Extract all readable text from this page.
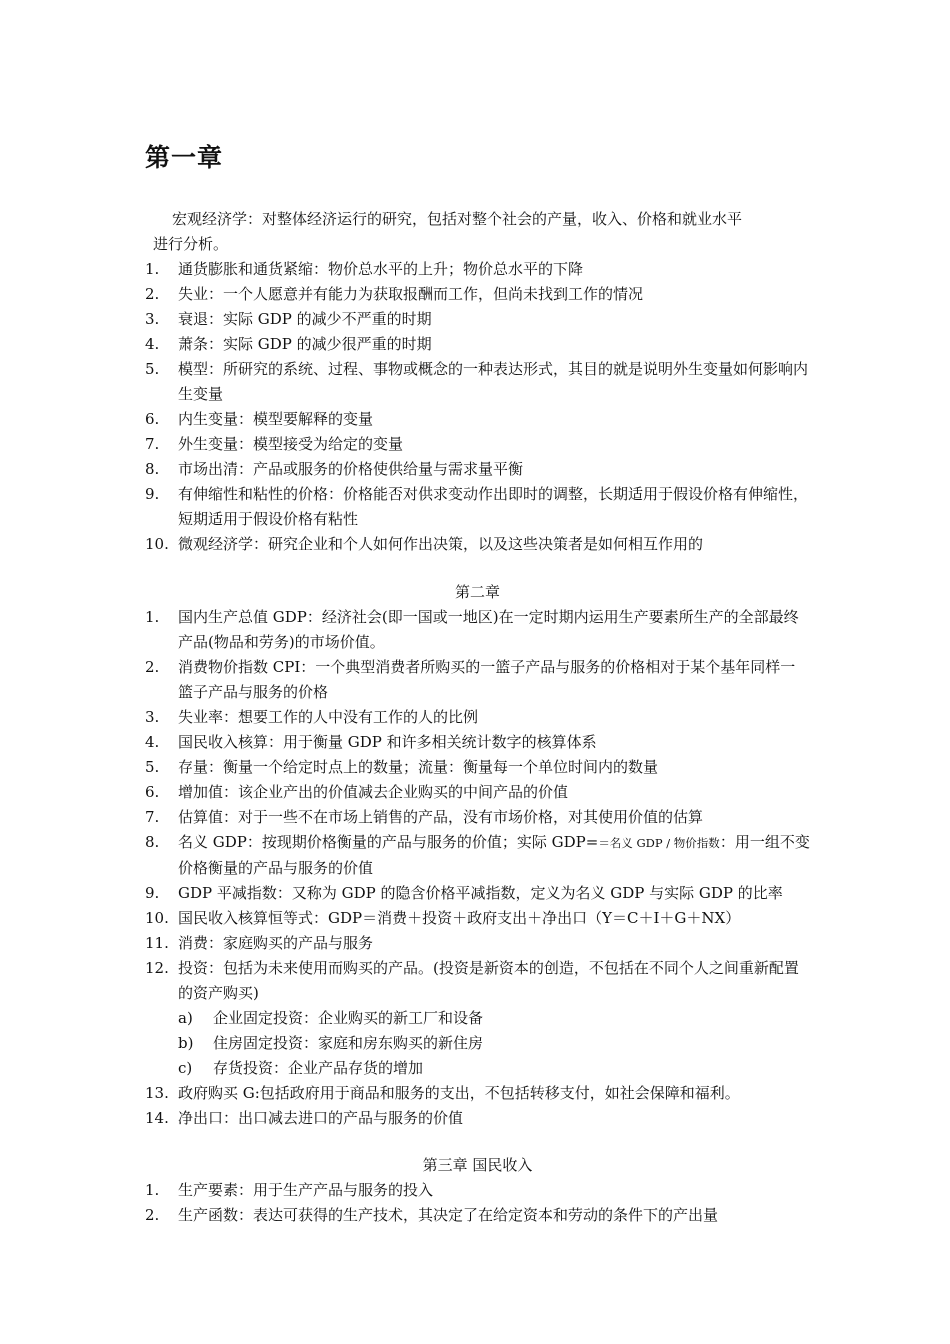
第一章
宏观经济学：对整体经济运行的研究，包括对整个社会的产量，收入、价格和就业水平
进行分析。
1. 通货膨胀和通货紧缩：物价总水平的上升；物价总水平的下降
2. 失业：一个人愿意并有能力为获取报酬而工作，但尚未找到工作的情况
3. 衰退：实际 GDP 的减少不严重的时期
4. 萧条：实际 GDP 的减少很严重的时期
5. 模型：所研究的系统、过程、事物或概念的一种表达形式，其目的就是说明外生变量如何影响内生变量
6. 内生变量：模型要解释的变量
7. 外生变量：模型接受为给定的变量
8. 市场出清：产品或服务的价格使供给量与需求量平衡
9. 有伸缩性和粘性的价格：价格能否对供求变动作出即时的调整，长期适用于假设价格有伸缩性，短期适用于假设价格有粘性
10. 微观经济学：研究企业和个人如何作出决策，以及这些决策者是如何相互作用的
第二章
1. 国内生产总值 GDP：经济社会(即一国或一地区)在一定时期内运用生产要素所生产的全部最终产品(物品和劳务)的市场价值。
2. 消费物价指数 CPI：一个典型消费者所购买的一篮子产品与服务的价格相对于某个基年同样一篮子产品与服务的价格
3. 失业率：想要工作的人中没有工作的人的比例
4. 国民收入核算：用于衡量 GDP 和许多相关统计数字的核算体系
5. 存量：衡量一个给定时点上的数量；流量：衡量每一个单位时间内的数量
6. 增加值：该企业产出的价值减去企业购买的中间产品的价值
7. 估算值：对于一些不在市场上销售的产品，没有市场价格，对其使用价值的估算
8. 名义 GDP：按现期价格衡量的产品与服务的价值；实际 GDP=＝名义 GDP / 物价指数：用一组不变价格衡量的产品与服务的价值
9. GDP 平减指数：又称为 GDP 的隐含价格平减指数，定义为名义 GDP 与实际 GDP 的比率
10. 国民收入核算恒等式：GDP＝消费＋投资＋政府支出＋净出口（Y＝C＋I＋G＋NX）
11. 消费：家庭购买的产品与服务
12. 投资：包括为未来使用而购买的产品。(投资是新资本的创造，不包括在不同个人之间重新配置的资产购买)
a) 企业固定投资：企业购买的新工厂和设备
b) 住房固定投资：家庭和房东购买的新住房
c) 存货投资：企业产品存货的增加
13. 政府购买 G:包括政府用于商品和服务的支出，不包括转移支付，如社会保障和福利。
14. 净出口：出口减去进口的产品与服务的价值
第三章 国民收入
1. 生产要素：用于生产产品与服务的投入
2. 生产函数：表达可获得的生产技术，其决定了在给定资本和劳动的条件下的产出量
